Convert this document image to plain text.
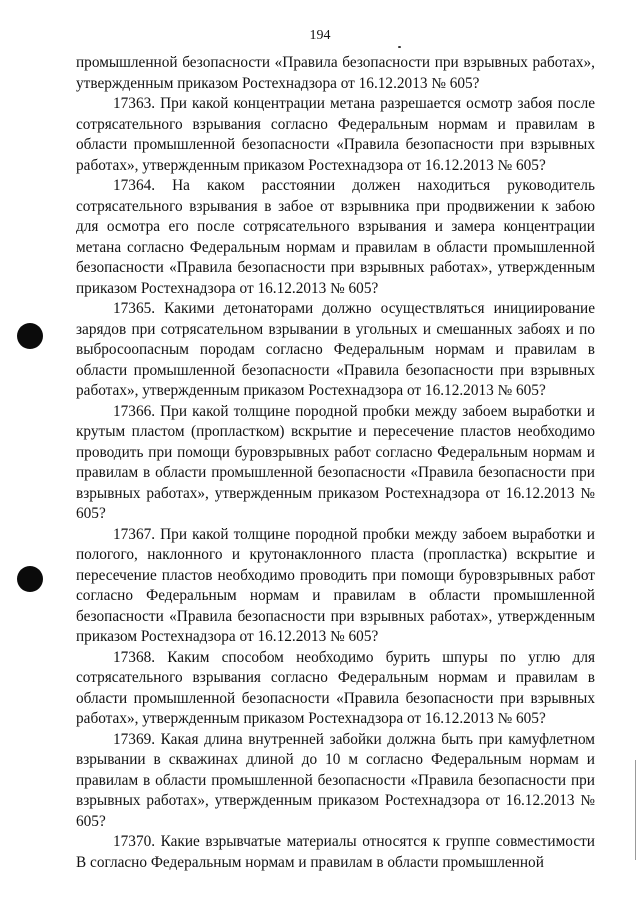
194

промышленной безопасности «Правила безопасности при взрывных работах», утвержденным приказом Ростехнадзора от 16.12.2013 № 605?

17363. При какой концентрации метана разрешается осмотр забоя после сотрясательного взрывания согласно Федеральным нормам и правилам в области промышленной безопасности «Правила безопасности при взрывных работах», утвержденным приказом Ростехнадзора от 16.12.2013 № 605?

17364. На каком расстоянии должен находиться руководитель сотрясательного взрывания в забое от взрывника при продвижении к забою для осмотра его после сотрясательного взрывания и замера концентрации метана согласно Федеральным нормам и правилам в области промышленной безопасности «Правила безопасности при взрывных работах», утвержденным приказом Ростехнадзора от 16.12.2013 № 605?

17365. Какими детонаторами должно осуществляться инициирование зарядов при сотрясательном взрывании в угольных и смешанных забоях и по выбросоопасным породам согласно Федеральным нормам и правилам в области промышленной безопасности «Правила безопасности при взрывных работах», утвержденным приказом Ростехнадзора от 16.12.2013 № 605?

17366. При какой толщине породной пробки между забоем выработки и крутым пластом (пропластком) вскрытие и пересечение пластов необходимо проводить при помощи буровзрывных работ согласно Федеральным нормам и правилам в области промышленной безопасности «Правила безопасности при взрывных работах», утвержденным приказом Ростехнадзора от 16.12.2013 № 605?

17367. При какой толщине породной пробки между забоем выработки и пологого, наклонного и крутонаклонного пласта (пропластка) вскрытие и пересечение пластов необходимо проводить при помощи буровзрывных работ согласно Федеральным нормам и правилам в области промышленной безопасности «Правила безопасности при взрывных работах», утвержденным приказом Ростехнадзора от 16.12.2013 № 605?

17368. Каким способом необходимо бурить шпуры по углю для сотрясательного взрывания согласно Федеральным нормам и правилам в области промышленной безопасности «Правила безопасности при взрывных работах», утвержденным приказом Ростехнадзора от 16.12.2013 № 605?

17369. Какая длина внутренней забойки должна быть при камуфлетном взрывании в скважинах длиной до 10 м согласно Федеральным нормам и правилам в области промышленной безопасности «Правила безопасности при взрывных работах», утвержденным приказом Ростехнадзора от 16.12.2013 № 605?

17370. Какие взрывчатые материалы относятся к группе совместимости В согласно Федеральным нормам и правилам в области промышленной
